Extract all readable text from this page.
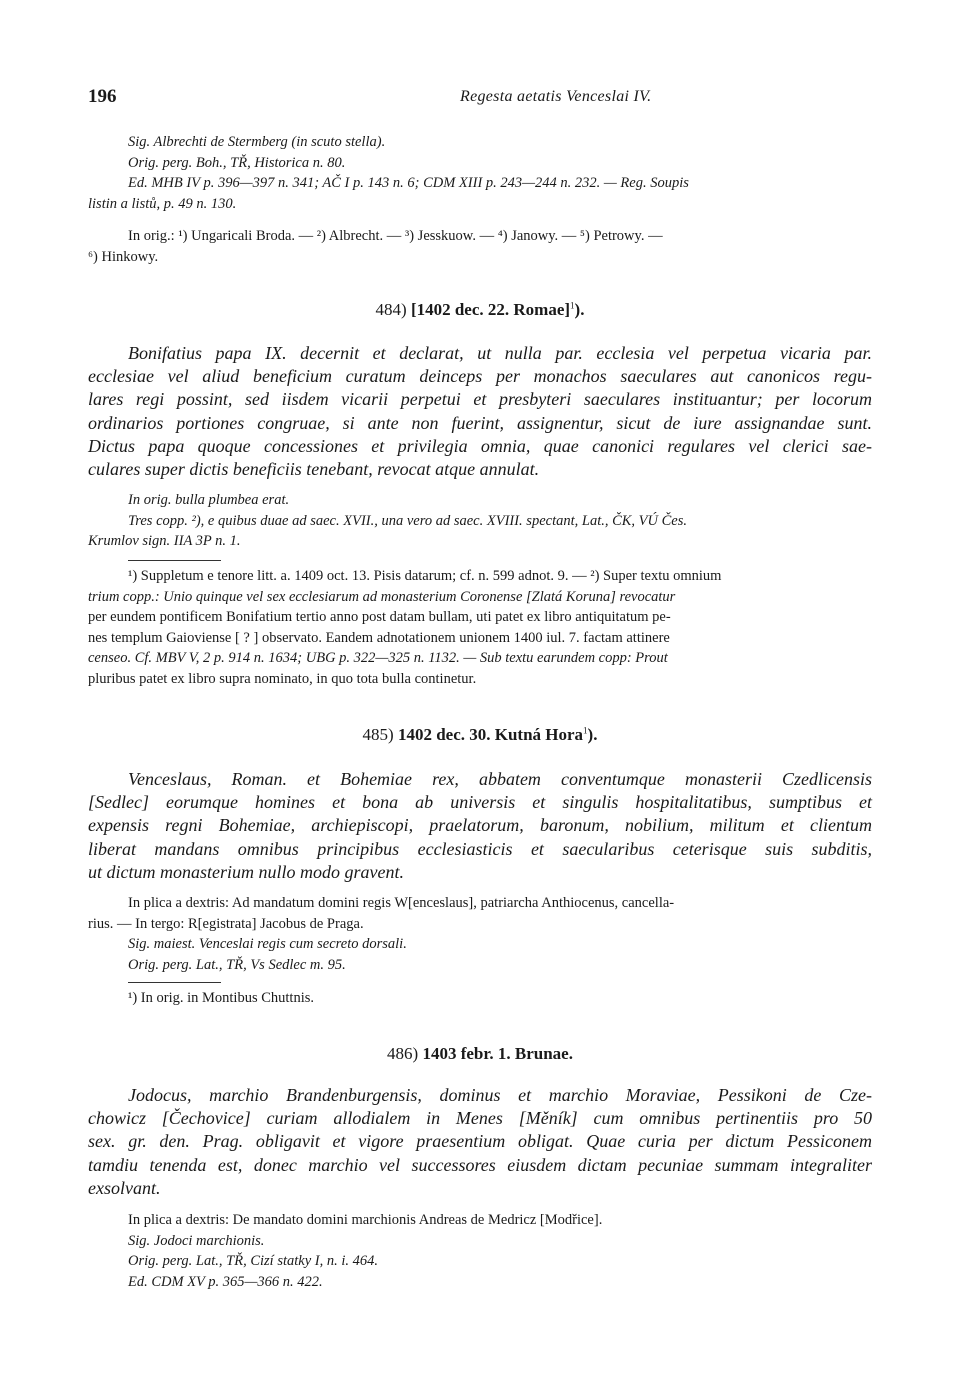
196	Regesta aetatis Venceslai IV.
Sig. Albrechti de Stermberg (in scuto stella).
Orig. perg. Boh., TŘ, Historica n. 80.
Ed. MHB IV p. 396—397 n. 341; AČ I p. 143 n. 6; CDM XIII p. 243—244 n. 232. — Reg. Soupis
listin a listů, p. 49 n. 130.
In orig.: ¹) Ungaricali Broda. — ²) Albrecht. — ³) Jesskuow. — ⁴) Janowy. — ⁵) Petrowy. —
⁶) Hinkowy.
484) [1402 dec. 22. Romae]$^1$).
Bonifatius papa IX. decernit et declarat, ut nulla par. ecclesia vel perpetua vicaria par.
ecclesiae vel aliud beneficium curatum deinceps per monachos saeculares aut canonicos regu-
lares regi possint, sed iisdem vicarii perpetui et presbyteri saeculares instituantur; per locorum
ordinarios portiones congruae, si ante non fuerint, assignentur, sicut de iure assignandae sunt.
Dictus papa quoque concessiones et privilegia omnia, quae canonici regulares vel clerici sae-
culares super dictis beneficiis tenebant, revocat atque annulat.
In orig. bulla plumbea erat.
Tres copp. ²), e quibus duae ad saec. XVII., una vero ad saec. XVIII. spectant, Lat., ČK, VÚ Čes.
Krumlov sign. IIA 3P n. 1.
¹) Suppletum e tenore litt. a. 1409 oct. 13. Pisis datarum; cf. n. 599 adnot. 9. — ²) Super textu omnium
trium copp.: Unio quinque vel sex ecclesiarum ad monasterium Coronense [Zlatá Koruna] revocatur
per eundem pontificem Bonifatium tertio anno post datam bullam, uti patet ex libro antiquitatum pe-
nes templum Gaioviense [ ? ] observato. Eandem adnotationem unionem 1400 iul. 7. factam attinere
censeo. Cf. MBV V, 2 p. 914 n. 1634; UBG p. 322—325 n. 1132. — Sub textu earundem copp: Prout
pluribus patet ex libro supra nominato, in quo tota bulla continetur.
485) 1402 dec. 30. Kutná Hora$^1$).
Venceslaus, Roman. et Bohemiae rex, abbatem conventumque monasterii Czedlicensis
[Sedlec] eorumque homines et bona ab universis et singulis hospitalitatibus, sumptibus et
expensis regni Bohemiae, archiepiscopi, praelatorum, baronum, nobilium, militum et clientum
liberat mandans omnibus principibus ecclesiasticis et saecularibus ceterisque suis subditis,
ut dictum monasterium nullo modo gravent.
In plica a dextris: Ad mandatum domini regis W[enceslaus], patriarcha Anthiocenus, cancella-
rius. — In tergo: R[egistrata] Jacobus de Praga.
Sig. maiest. Venceslai regis cum secreto dorsali.
Orig. perg. Lat., TŘ, Vs Sedlec m. 95.
¹) In orig. in Montibus Chuttnis.
486) 1403 febr. 1. Brunae.
Jodocus, marchio Brandenburgensis, dominus et marchio Moraviae, Pessikoni de Cze-
chowicz [Čechovice] curiam allodialem in Menes [Měník] cum omnibus pertinentiis pro 50
sex. gr. den. Prag. obligavit et vigore praesentium obligat. Quae curia per dictum Pessiconem
tamdiu tenenda est, donec marchio vel successores eiusdem dictam pecuniae summam integraliter
exsolvant.
In plica a dextris: De mandato domini marchionis Andreas de Medricz [Modřice].
Sig. Jodoci marchionis.
Orig. perg. Lat., TŘ, Cizí statky I, n. i. 464.
Ed. CDM XV p. 365—366 n. 422.
